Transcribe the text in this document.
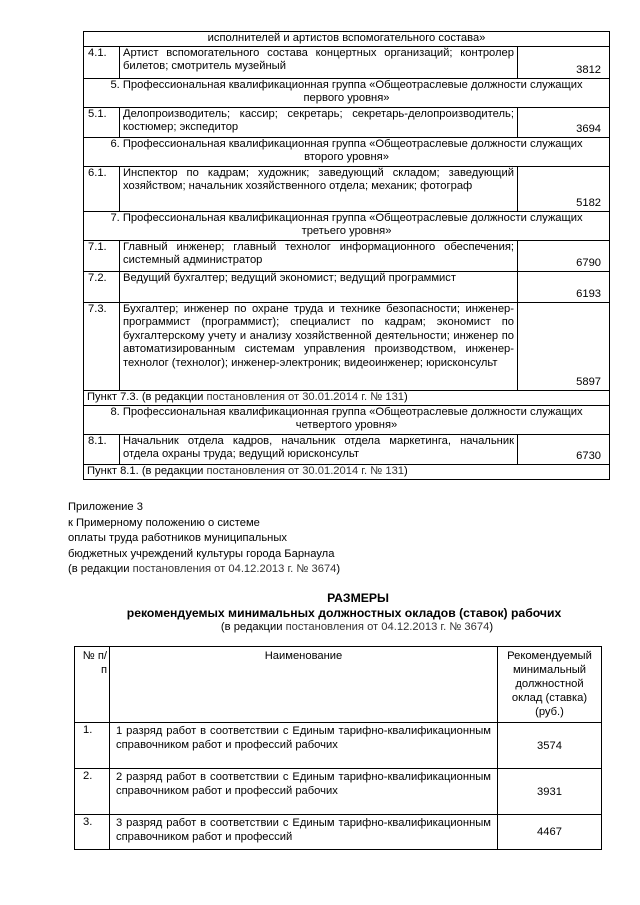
исполнителей и артистов вспомогательного состава»		
4.1.	Артист вспомогательного состава концертных организаций; контролер билетов; смотритель музейный	3812
5. Профессиональная квалификационная группа «Общеотраслевые должности служащих первого уровня»		
5.1.	Делопроизводитель; кассир; секретарь; секретарь-делопроизводитель; костюмер; экспедитор	3694
6. Профессиональная квалификационная группа «Общеотраслевые должности служащих второго уровня»		
6.1.	Инспектор по кадрам; художник; заведующий складом; заведующий хозяйством; начальник хозяйственного отдела; механик; фотограф	5182
7. Профессиональная квалификационная группа «Общеотраслевые должности служащих третьего уровня»		
7.1.	Главный инженер; главный технолог информационного обеспечения; системный администратор	6790
7.2.	Ведущий бухгалтер; ведущий экономист; ведущий программист	6193
7.3.	Бухгалтер; инженер по охране труда и технике безопасности; инженер-программист (программист); специалист по кадрам; экономист по бухгалтерскому учету и анализу хозяйственной деятельности; инженер по автоматизированным системам управления производством, инженер-технолог (технолог); инженер-электроник; видеоинженер; юрисконсульт	5897
Пункт 7.3. (в редакции постановления от 30.01.2014 г. № 131)		
8. Профессиональная квалификационная группа «Общеотраслевые должности служащих четвертого уровня»		
8.1.	Начальник отдела кадров, начальник отдела маркетинга, начальник отдела охраны труда; ведущий юрисконсульт	6730
Пункт 8.1. (в редакции постановления от 30.01.2014 г. № 131)		
Приложение 3
к Примерному положению о системе
оплаты труда работников муниципальных
бюджетных учреждений культуры города Барнаула
(в редакции постановления от 04.12.2013 г. № 3674)
РАЗМЕРЫ
рекомендуемых минимальных должностных окладов (ставок) рабочих
(в редакции постановления от 04.12.2013 г. № 3674)
№ п/п	Наименование	Рекомендуемый минимальный должностной оклад (ставка) (руб.)
1.	1 разряд работ в соответствии с Единым тарифно-квалификационным справочником работ и профессий рабочих	3574
2.	2 разряд работ в соответствии с Единым тарифно-квалификационным справочником работ и профессий рабочих	3931
3.	3 разряд работ в соответствии с Единым тарифно-квалификационным справочником работ и профессий	4467
